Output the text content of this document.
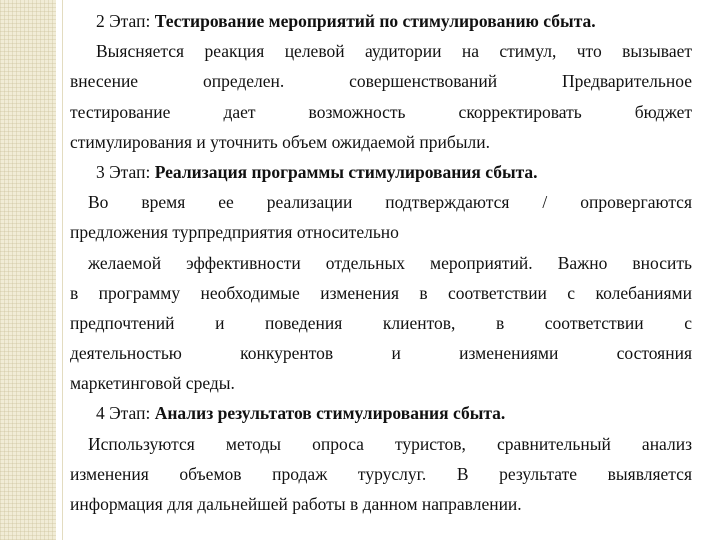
2 Этап: Тестирование мероприятий по стимулированию сбыта.
Выясняется реакция целевой аудитории на стимул, что вызывает
внесение определен. совершенствований Предварительное
тестирование дает возможность скорректировать бюджет
стимулирования и уточнить объем ожидаемой прибыли.
3 Этап: Реализация программы стимулирования сбыта.
Во время ее реализации подтверждаются / опровергаются
предложения турпредприятия относительно
желаемой эффективности отдельных мероприятий. Важно вносить
в программу необходимые изменения в соответствии с колебаниями
предпочтений и поведения клиентов, в соответствии с
деятельностью конкурентов и изменениями состояния
маркетинговой среды.
4 Этап: Анализ результатов стимулирования сбыта.
Используются методы опроса туристов, сравнительный анализ
изменения объемов продаж туруслуг. В результате выявляется
информация для дальнейшей работы в данном направлении.
